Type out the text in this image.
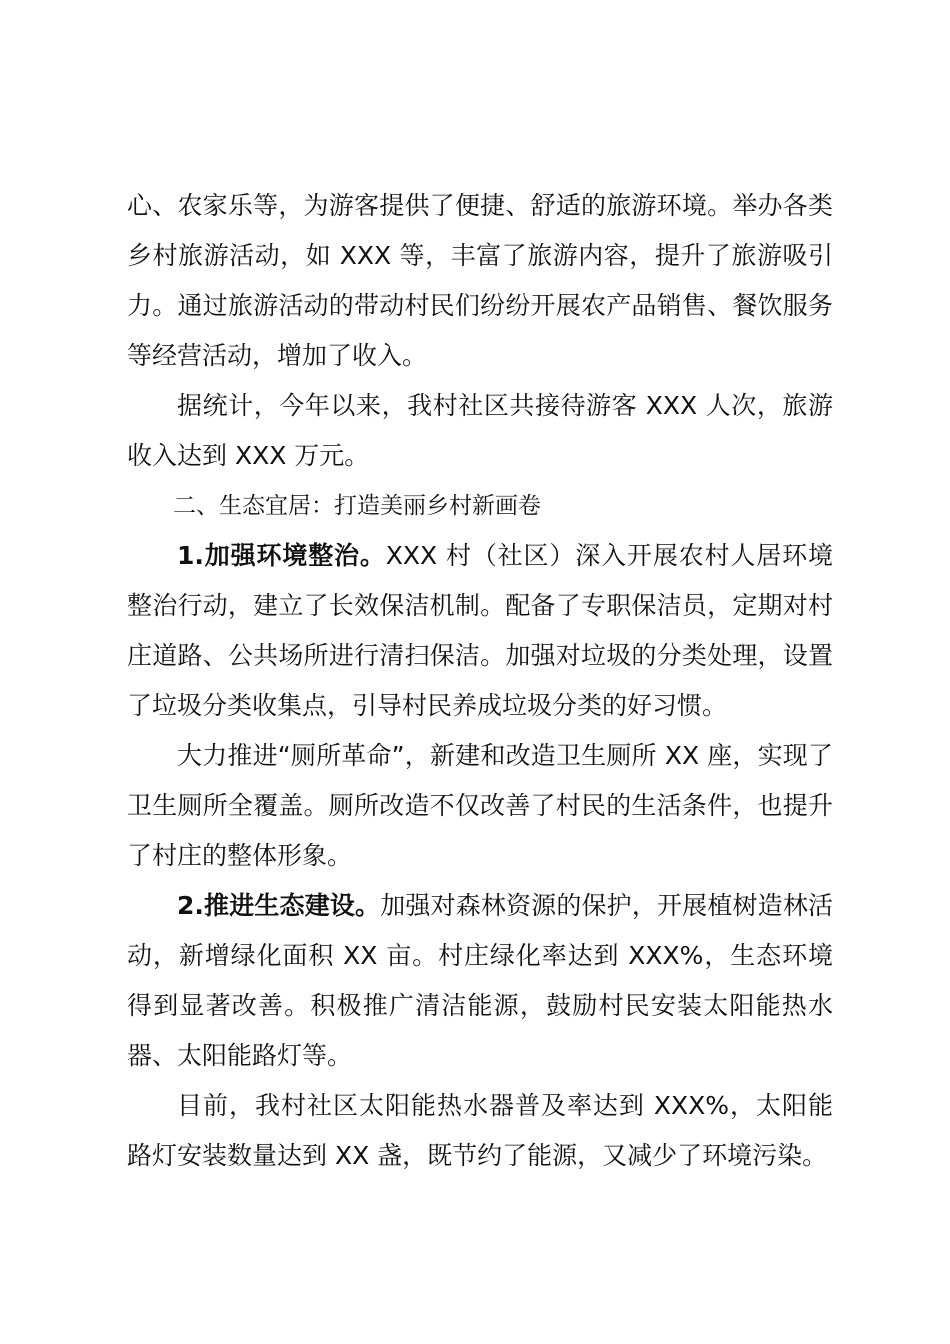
心、农家乐等，为游客提供了便捷、舒适的旅游环境。举办各类乡村旅游活动，如 XXX 等，丰富了旅游内容，提升了旅游吸引力。通过旅游活动的带动村民们纷纷开展农产品销售、餐饮服务等经营活动，增加了收入。

据统计，今年以来，我村社区共接待游客 XXX 人次，旅游收入达到 XXX 万元。

二、生态宜居：打造美丽乡村新画卷

1.加强环境整治。XXX 村（社区）深入开展农村人居环境整治行动，建立了长效保洁机制。配备了专职保洁员，定期对村庄道路、公共场所进行清扫保洁。加强对垃圾的分类处理，设置了垃圾分类收集点，引导村民养成垃圾分类的好习惯。

大力推进“厕所革命”，新建和改造卫生厕所 XX 座，实现了卫生厕所全覆盖。厕所改造不仅改善了村民的生活条件，也提升了村庄的整体形象。

2.推进生态建设。加强对森林资源的保护，开展植树造林活动，新增绿化面积 XX 亩。村庄绿化率达到 XXX%，生态环境得到显著改善。积极推广清洁能源，鼓励村民安装太阳能热水器、太阳能路灯等。

目前，我村社区太阳能热水器普及率达到 XXX%，太阳能路灯安装数量达到 XX 盏，既节约了能源，又减少了环境污染。
